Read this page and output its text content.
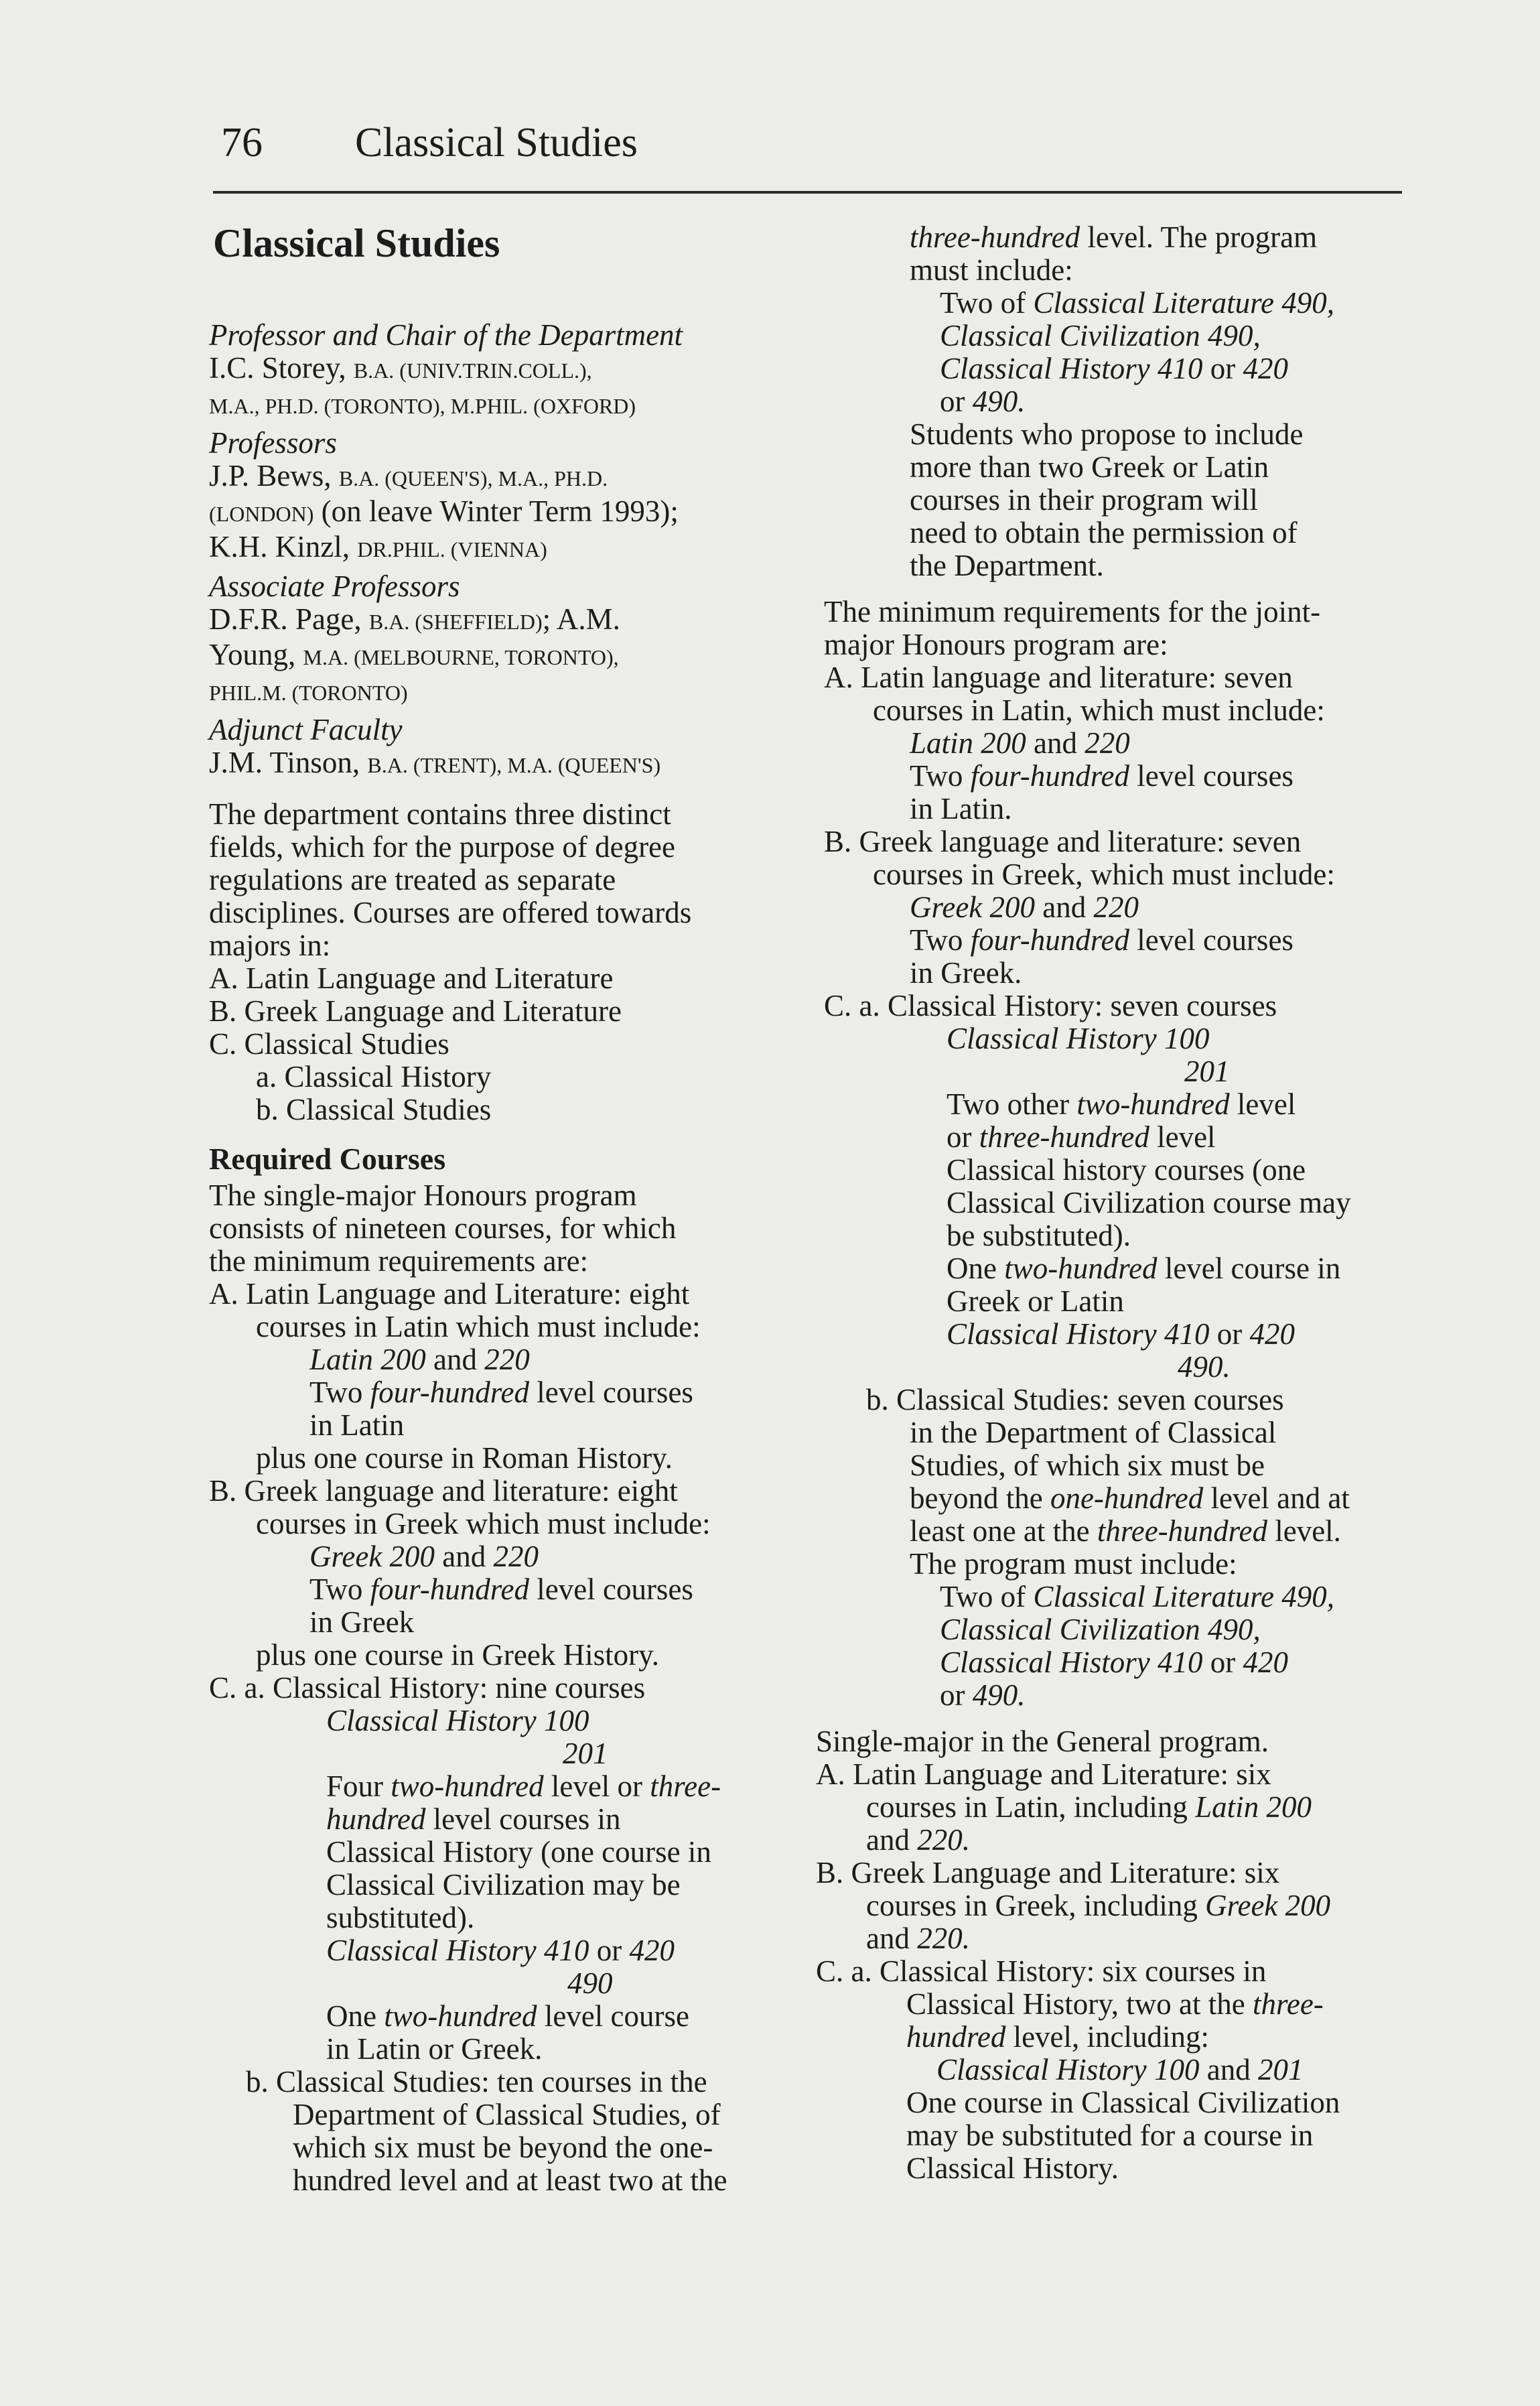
76 Classical Studies
Classical Studies
Professor and Chair of the Department
I.C. Storey, B.A. (UNIV.TRIN.COLL.),
M.A., PH.D. (TORONTO), M.PHIL. (OXFORD)
Professors
J.P. Bews, B.A. (QUEEN'S), M.A., PH.D.
(LONDON) (on leave Winter Term 1993);
K.H. Kinzl, DR.PHIL. (VIENNA)
Associate Professors
D.F.R. Page, B.A. (SHEFFIELD); A.M.
Young, M.A. (MELBOURNE, TORONTO),
PHIL.M. (TORONTO)
Adjunct Faculty
J.M. Tinson, B.A. (TRENT), M.A. (QUEEN'S)
The department contains three distinct
fields, which for the purpose of degree
regulations are treated as separate
disciplines. Courses are offered towards
majors in:
A. Latin Language and Literature
B. Greek Language and Literature
C. Classical Studies
a. Classical History
b. Classical Studies
Required Courses
The single-major Honours program
consists of nineteen courses, for which
the minimum requirements are:
A. Latin Language and Literature: eight
courses in Latin which must include:
Latin 200 and 220
Two four-hundred level courses
in Latin
plus one course in Roman History.
B. Greek language and literature: eight
courses in Greek which must include:
Greek 200 and 220
Two four-hundred level courses
in Greek
plus one course in Greek History.
C. a. Classical History: nine courses
Classical History 100
201
Four two-hundred level or three-
hundred level courses in
Classical History (one course in
Classical Civilization may be
substituted).
Classical History 410 or 420
490
One two-hundred level course
in Latin or Greek.
b. Classical Studies: ten courses in the
Department of Classical Studies, of
which six must be beyond the one-
hundred level and at least two at the
three-hundred level. The program
must include:
Two of Classical Literature 490,
Classical Civilization 490,
Classical History 410 or 420
or 490.
Students who propose to include
more than two Greek or Latin
courses in their program will
need to obtain the permission of
the Department.
The minimum requirements for the joint-
major Honours program are:
A. Latin language and literature: seven
courses in Latin, which must include:
Latin 200 and 220
Two four-hundred level courses
in Latin.
B. Greek language and literature: seven
courses in Greek, which must include:
Greek 200 and 220
Two four-hundred level courses
in Greek.
C. a. Classical History: seven courses
Classical History 100
201
Two other two-hundred level
or three-hundred level
Classical history courses (one
Classical Civilization course may
be substituted).
One two-hundred level course in
Greek or Latin
Classical History 410 or 420
490.
b. Classical Studies: seven courses
in the Department of Classical
Studies, of which six must be
beyond the one-hundred level and at
least one at the three-hundred level.
The program must include:
Two of Classical Literature 490,
Classical Civilization 490,
Classical History 410 or 420
or 490.
Single-major in the General program.
A. Latin Language and Literature: six
courses in Latin, including Latin 200
and 220.
B. Greek Language and Literature: six
courses in Greek, including Greek 200
and 220.
C. a. Classical History: six courses in
Classical History, two at the three-
hundred level, including:
Classical History 100 and 201
One course in Classical Civilization
may be substituted for a course in
Classical History.
